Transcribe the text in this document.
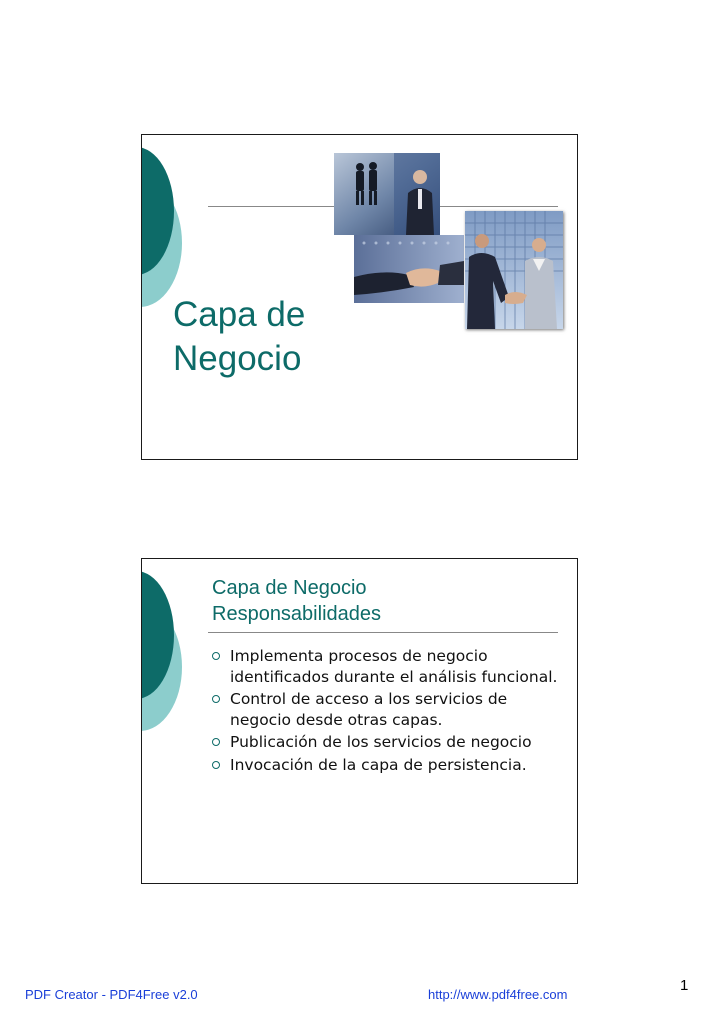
Capa de
Negocio
Capa de Negocio
Responsabilidades
Implementa procesos de negocio identificados durante el análisis funcional.
Control de acceso a los servicios de negocio desde otras capas.
Publicación de los servicios de negocio
Invocación de la capa de persistencia.
PDF Creator - PDF4Free v2.0	http://www.pdf4free.com
1
